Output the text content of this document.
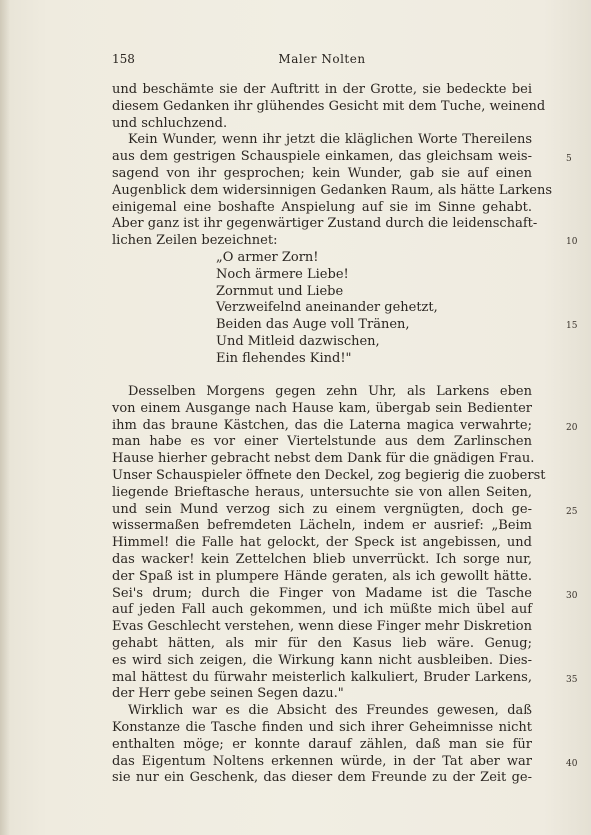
158	Maler Nolten
und beschämte sie der Auftritt in der Grotte, sie bedeckte bei
diesem Gedanken ihr glühendes Gesicht mit dem Tuche, weinend
und schluchzend.
Kein Wunder, wenn ihr jetzt die kläglichen Worte Thereilens
aus dem gestrigen Schauspiele einkamen, das gleichsam weis-
sagend von ihr gesprochen; kein Wunder, gab sie auf einen
Augenblick dem widersinnigen Gedanken Raum, als hätte Larkens
einigemal eine boshafte Anspielung auf sie im Sinne gehabt.
Aber ganz ist ihr gegenwärtiger Zustand durch die leidenschaft-
lichen Zeilen bezeichnet:
„O armer Zorn!
Noch ärmere Liebe!
Zornmut und Liebe
Verzweifelnd aneinander gehetzt,
Beiden das Auge voll Tränen,
Und Mitleid dazwischen,
Ein flehendes Kind!"
Desselben Morgens gegen zehn Uhr, als Larkens eben
von einem Ausgange nach Hause kam, übergab sein Bedienter
ihm das braune Kästchen, das die Laterna magica verwahrte;
man habe es vor einer Viertelstunde aus dem Zarlinschen
Hause hierher gebracht nebst dem Dank für die gnädigen Frau.
Unser Schauspieler öffnete den Deckel, zog begierig die zuoberst
liegende Brieftasche heraus, untersuchte sie von allen Seiten,
und sein Mund verzog sich zu einem vergnügten, doch ge-
wissermaßen befremdeten Lächeln, indem er ausrief: „Beim
Himmel! die Falle hat gelockt, der Speck ist angebissen, und
das wacker! kein Zettelchen blieb unverrückt. Ich sorge nur,
der Spaß ist in plumpere Hände geraten, als ich gewollt hätte.
Sei's drum; durch die Finger von Madame ist die Tasche
auf jeden Fall auch gekommen, und ich müßte mich übel auf
Evas Geschlecht verstehen, wenn diese Finger mehr Diskretion
gehabt hätten, als mir für den Kasus lieb wäre. Genug;
es wird sich zeigen, die Wirkung kann nicht ausbleiben. Dies-
mal hättest du fürwahr meisterlich kalkuliert, Bruder Larkens,
der Herr gebe seinen Segen dazu."
Wirklich war es die Absicht des Freundes gewesen, daß
Konstanze die Tasche finden und sich ihrer Geheimnisse nicht
enthalten möge; er konnte darauf zählen, daß man sie für
das Eigentum Noltens erkennen würde, in der Tat aber war
sie nur ein Geschenk, das dieser dem Freunde zu der Zeit ge-
5
10
15
20
25
30
35
40
